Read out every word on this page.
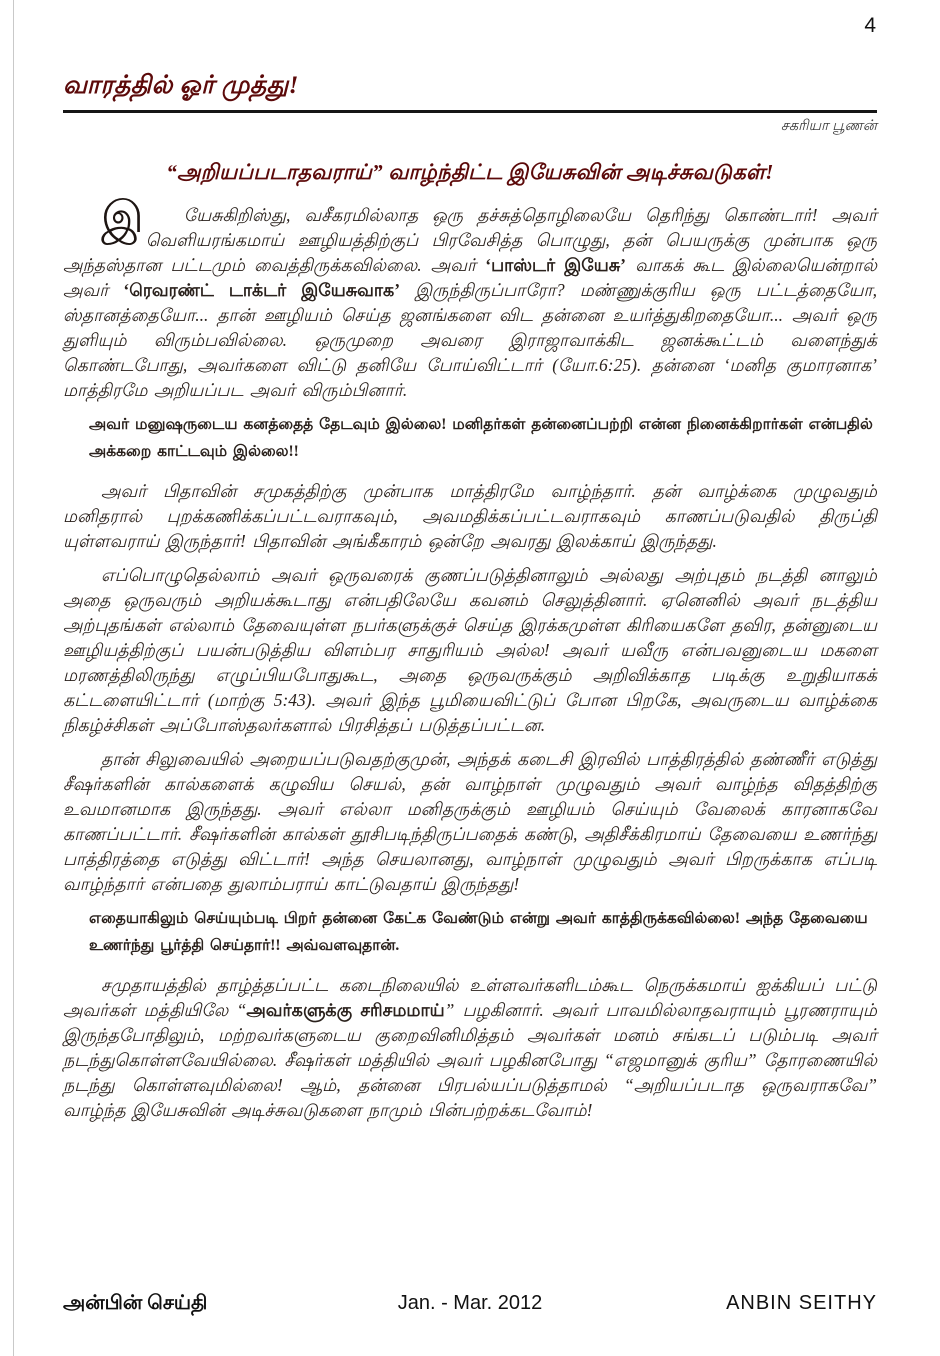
4
வாரத்தில் ஓர் முத்து!
சகரியா பூணன்
“அறியப்படாதவராய்” வாழ்ந்திட்ட இயேசுவின் அடிச்சுவடுகள்!

இ யேசுகிறிஸ்து, வசீகரமில்லாத ஒரு தச்சுத்தொழிலையே தெரிந்து கொண்டார்! அவர் வெளியரங்கமாய் ஊழியத்திற்குப் பிரவேசித்த பொழுது, தன் பெயருக்கு முன்பாக ஒரு அந்தஸ்தான பட்டமும் வைத்திருக்கவில்லை. அவர் ‘பாஸ்டர் இயேசு’ வாகக் கூட இல்லையென்றால் அவர் ‘ரெவரண்ட் டாக்டர் இயேசுவாக’ இருந்திருப்பாரோ? மண்ணுக்குரிய ஒரு பட்டத்தையோ, ஸ்தானத்தையோ... தான் ஊழியம் செய்த ஜனங்களை விட தன்னை உயர்த்துகிறதையோ... அவர் ஒரு துளியும் விரும்பவில்லை. ஒருமுறை அவரை இராஜாவாக்கிட ஜனக்கூட்டம் வளைந்துக் கொண்டபோது, அவர்களை விட்டு தனியே போய்விட்டார் (யோ.6:25). தன்னை ‘மனித குமாரனாக’ மாத்திரமே அறியப்பட அவர் விரும்பினார்.

அவர் மனுஷருடைய கனத்தைத் தேடவும் இல்லை! மனிதர்கள் தன்னைப்பற்றி என்ன நினைக்கிறார்கள் என்பதில் அக்கறை காட்டவும் இல்லை!!

அவர் பிதாவின் சமுகத்திற்கு முன்பாக மாத்திரமே வாழ்ந்தார். தன் வாழ்க்கை முழுவதும் மனிதரால் புறக்கணிக்கப்பட்டவராகவும், அவமதிக்கப்பட்டவராகவும் காணப்படுவதில் திருப்தி யுள்ளவராய் இருந்தார்! பிதாவின் அங்கீகாரம் ஒன்றே அவரது இலக்காய் இருந்தது.

எப்பொழுதெல்லாம் அவர் ஒருவரைக் குணப்படுத்தினாலும் அல்லது அற்புதம் நடத்தி னாலும் அதை ஒருவரும் அறியக்கூடாது என்பதிலேயே கவனம் செலுத்தினார். ஏனெனில் அவர் நடத்திய அற்புதங்கள் எல்லாம் தேவையுள்ள நபர்களுக்குச் செய்த இரக்கமுள்ள கிரியைகளே தவிர, தன்னுடைய ஊழியத்திற்குப் பயன்படுத்திய விளம்பர சாதுரியம் அல்ல! அவர் யவீரு என்பவனுடைய மகளை மரணத்திலிருந்து எழுப்பியபோதுகூட, அதை ஒருவருக்கும் அறிவிக்காத படிக்கு உறுதியாகக் கட்டளையிட்டார் (மாற்கு 5:43). அவர் இந்த பூமியைவிட்டுப் போன பிறகே, அவருடைய வாழ்க்கை நிகழ்ச்சிகள் அப்போஸ்தலர்களால் பிரசித்தப் படுத்தப்பட்டன.

தான் சிலுவையில் அறையப்படுவதற்குமுன், அந்தக் கடைசி இரவில் பாத்திரத்தில் தண்ணீர் எடுத்து சீஷர்களின் கால்களைக் கழுவிய செயல், தன் வாழ்நாள் முழுவதும் அவர் வாழ்ந்த விதத்திற்கு உவமானமாக இருந்தது. அவர் எல்லா மனிதருக்கும் ஊழியம் செய்யும் வேலைக் காரனாகவே காணப்பட்டார். சீஷர்களின் கால்கள் தூசிபடிந்திருப்பதைக் கண்டு, அதிசீக்கிரமாய் தேவையை உணர்ந்து பாத்திரத்தை எடுத்து விட்டார்! அந்த செயலானது, வாழ்நாள் முழுவதும் அவர் பிறருக்காக எப்படி வாழ்ந்தார் என்பதை துலாம்பராய் காட்டுவதாய் இருந்தது!

எதையாகிலும் செய்யும்படி பிறர் தன்னை கேட்க வேண்டும் என்று அவர் காத்திருக்கவில்லை! அந்த தேவையை உணர்ந்து பூர்த்தி செய்தார்!! அவ்வளவுதான்.

சமுதாயத்தில் தாழ்த்தப்பட்ட கடைநிலையில் உள்ளவர்களிடம்கூட நெருக்கமாய் ஐக்கியப் பட்டு அவர்கள் மத்தியிலே “அவர்களுக்கு சரிசமமாய்” பழகினார். அவர் பாவமில்லாதவராயும் பூரணராயும் இருந்தபோதிலும், மற்றவர்களுடைய குறைவினிமித்தம் அவர்கள் மனம் சங்கடப் படும்படி அவர் நடந்துகொள்ளவேயில்லை. சீஷர்கள் மத்தியில் அவர் பழகினபோது “எஜமானுக் குரிய” தோரணையில் நடந்து கொள்ளவுமில்லை! ஆம், தன்னை பிரபல்யப்படுத்தாமல் “அறியப்படாத ஒருவராகவே” வாழ்ந்த இயேசுவின் அடிச்சுவடுகளை நாமும் பின்பற்றக்கடவோம்!

அன்பின் செய்தி	Jan. - Mar. 2012	ANBIN SEITHY
